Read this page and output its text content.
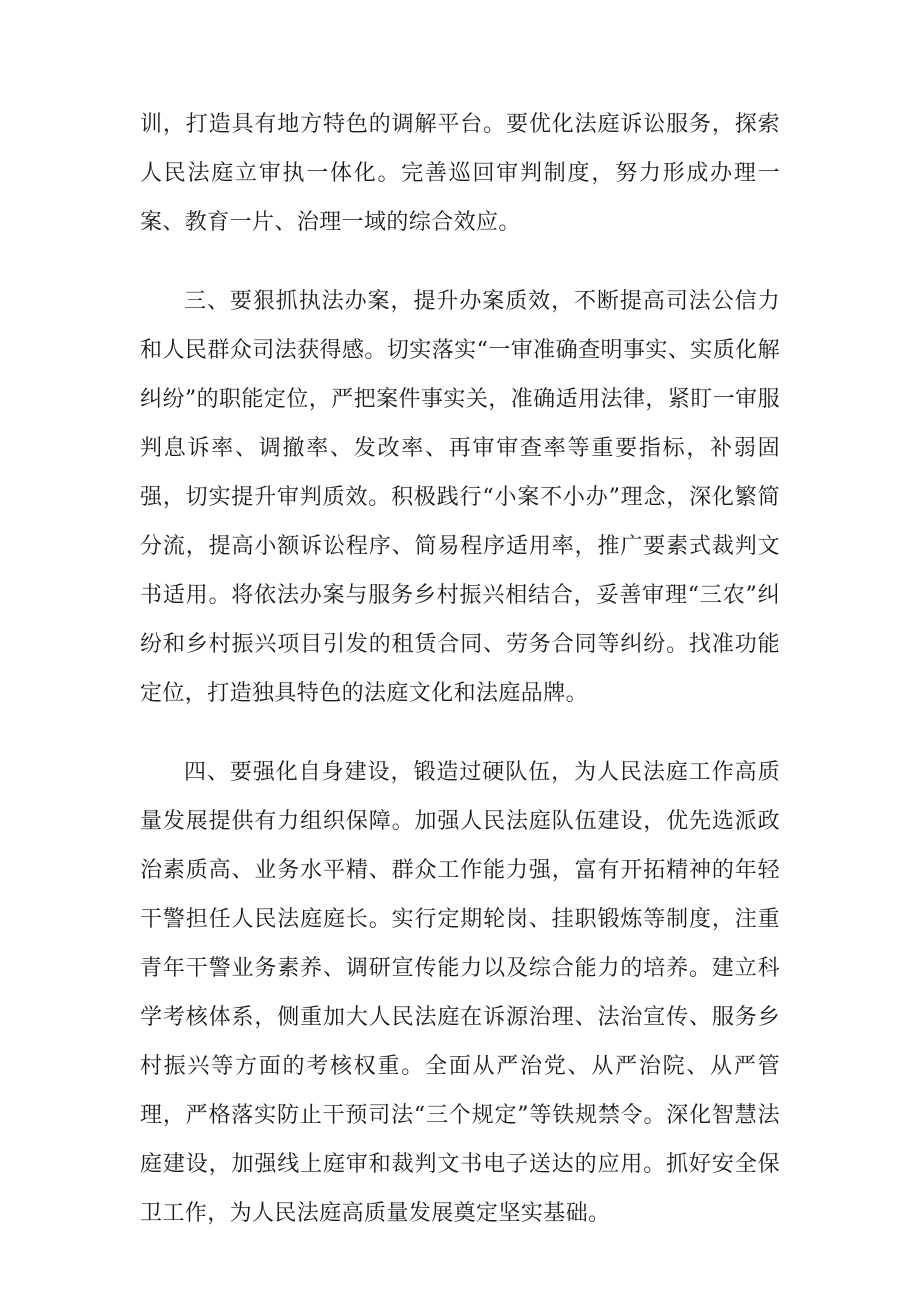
训，打造具有地方特色的调解平台。要优化法庭诉讼服务，探索人民法庭立审执一体化。完善巡回审判制度，努力形成办理一案、教育一片、治理一域的综合效应。

三、要狠抓执法办案，提升办案质效，不断提高司法公信力和人民群众司法获得感。切实落实“一审准确查明事实、实质化解纠纷”的职能定位，严把案件事实关，准确适用法律，紧盯一审服判息诉率、调撤率、发改率、再审审查率等重要指标，补弱固强，切实提升审判质效。积极践行“小案不小办”理念，深化繁简分流，提高小额诉讼程序、简易程序适用率，推广要素式裁判文书适用。将依法办案与服务乡村振兴相结合，妥善审理“三农”纠纷和乡村振兴项目引发的租赁合同、劳务合同等纠纷。找准功能定位，打造独具特色的法庭文化和法庭品牌。

四、要强化自身建设，锻造过硬队伍，为人民法庭工作高质量发展提供有力组织保障。加强人民法庭队伍建设，优先选派政治素质高、业务水平精、群众工作能力强，富有开拓精神的年轻干警担任人民法庭庭长。实行定期轮岗、挂职锻炼等制度，注重青年干警业务素养、调研宣传能力以及综合能力的培养。建立科学考核体系，侧重加大人民法庭在诉源治理、法治宣传、服务乡村振兴等方面的考核权重。全面从严治党、从严治院、从严管理，严格落实防止干预司法“三个规定”等铁规禁令。深化智慧法庭建设，加强线上庭审和裁判文书电子送达的应用。抓好安全保卫工作，为人民法庭高质量发展奠定坚实基础。
